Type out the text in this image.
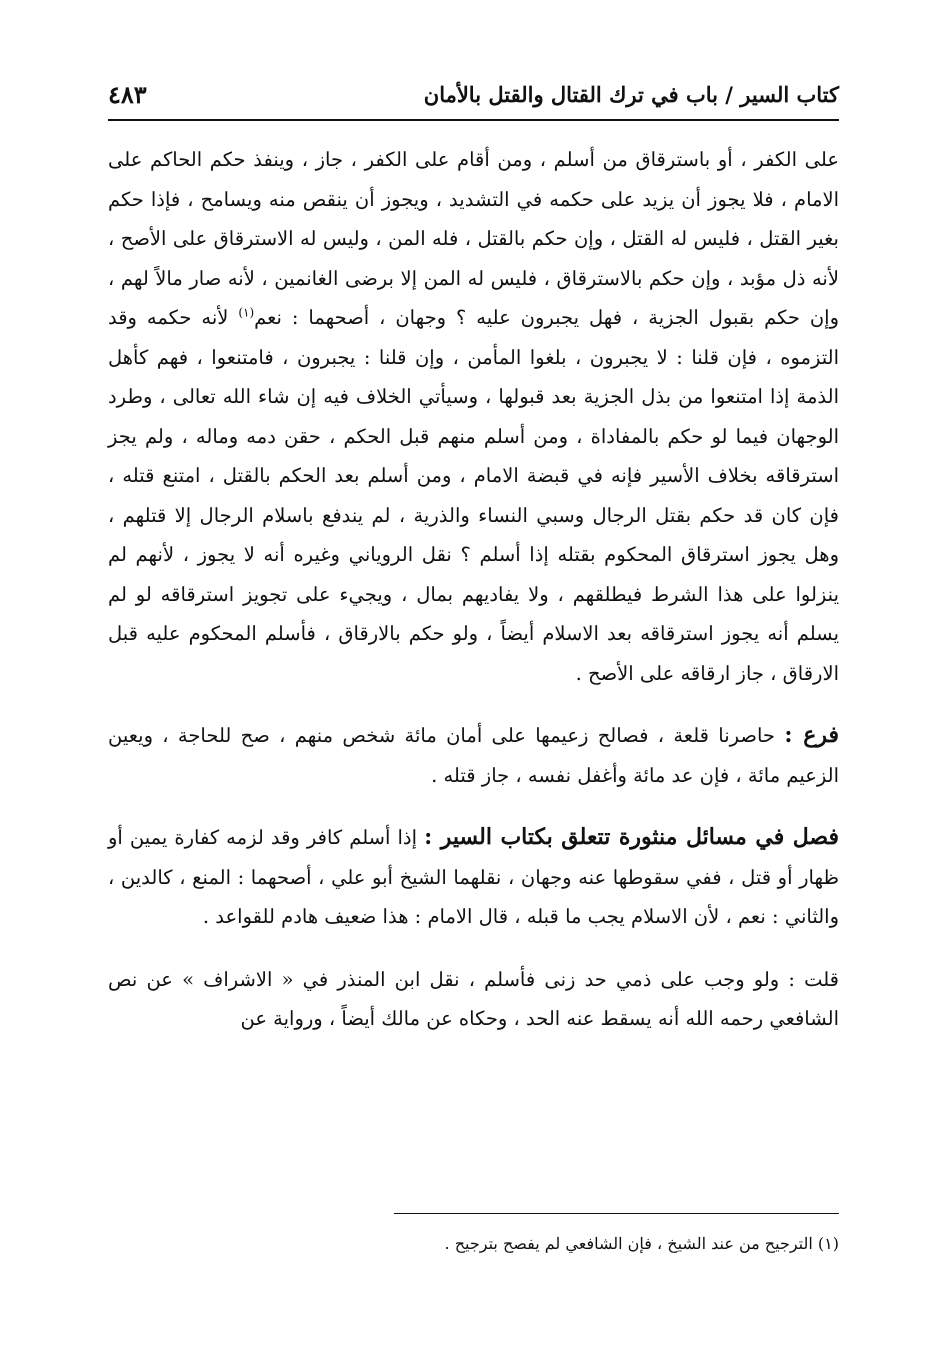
كتاب السير / باب في ترك القتال والقتل بالأمان
٤٨٣

على الكفر ، أو باسترقاق من أسلم ، ومن أقام على الكفر ، جاز ، وينفذ حكم الحاكم على الامام ، فلا يجوز أن يزيد على حكمه في التشديد ، ويجوز أن ينقص منه ويسامح ، فإذا حكم بغير القتل ، فليس له القتل ، وإن حكم بالقتل ، فله المن ، وليس له الاسترقاق على الأصح ، لأنه ذل مؤبد ، وإن حكم بالاسترقاق ، فليس له المن إلا برضى الغانمين ، لأنه صار مالاً لهم ، وإن حكم بقبول الجزية ، فهل يجبرون عليه ؟ وجهان ، أصحهما : نعم$^{(١)}$ لأنه حكمه وقد التزموه ، فإن قلنا : لا يجبرون ، بلغوا المأمن ، وإن قلنا : يجبرون ، فامتنعوا ، فهم كأهل الذمة إذا امتنعوا من بذل الجزية بعد قبولها ، وسيأتي الخلاف فيه إن شاء الله تعالى ، وطرد الوجهان فيما لو حكم بالمفاداة ، ومن أسلم منهم قبل الحكم ، حقن دمه وماله ، ولم يجز استرقاقه بخلاف الأسير فإنه في قبضة الامام ، ومن أسلم بعد الحكم بالقتل ، امتنع قتله ، فإن كان قد حكم بقتل الرجال وسبي النساء والذرية ، لم يندفع باسلام الرجال إلا قتلهم ، وهل يجوز استرقاق المحكوم بقتله إذا أسلم ؟ نقل الروياني وغيره أنه لا يجوز ، لأنهم لم ينزلوا على هذا الشرط فيطلقهم ، ولا يفاديهم بمال ، ويجيء على تجويز استرقاقه لو لم يسلم أنه يجوز استرقاقه بعد الاسلام أيضاً ، ولو حكم بالارقاق ، فأسلم المحكوم عليه قبل الارقاق ، جاز ارقاقه على الأصح .

فرع : حاصرنا قلعة ، فصالح زعيمها على أمان مائة شخص منهم ، صح للحاجة ، ويعين الزعيم مائة ، فإن عد مائة وأغفل نفسه ، جاز قتله .

فصل في مسائل منثورة تتعلق بكتاب السير : إذا أسلم كافر وقد لزمه كفارة يمين أو ظهار أو قتل ، ففي سقوطها عنه وجهان ، نقلهما الشيخ أبو علي ، أصحهما : المنع ، كالدين ، والثاني : نعم ، لأن الاسلام يجب ما قبله ، قال الامام : هذا ضعيف هادم للقواعد .

قلت : ولو وجب على ذمي حد زنى فأسلم ، نقل ابن المنذر في « الاشراف » عن نص الشافعي رحمه الله أنه يسقط عنه الحد ، وحكاه عن مالك أيضاً ، ورواية عن

(١) الترجيح من عند الشيخ ، فإن الشافعي لم يفصح بترجيح .
